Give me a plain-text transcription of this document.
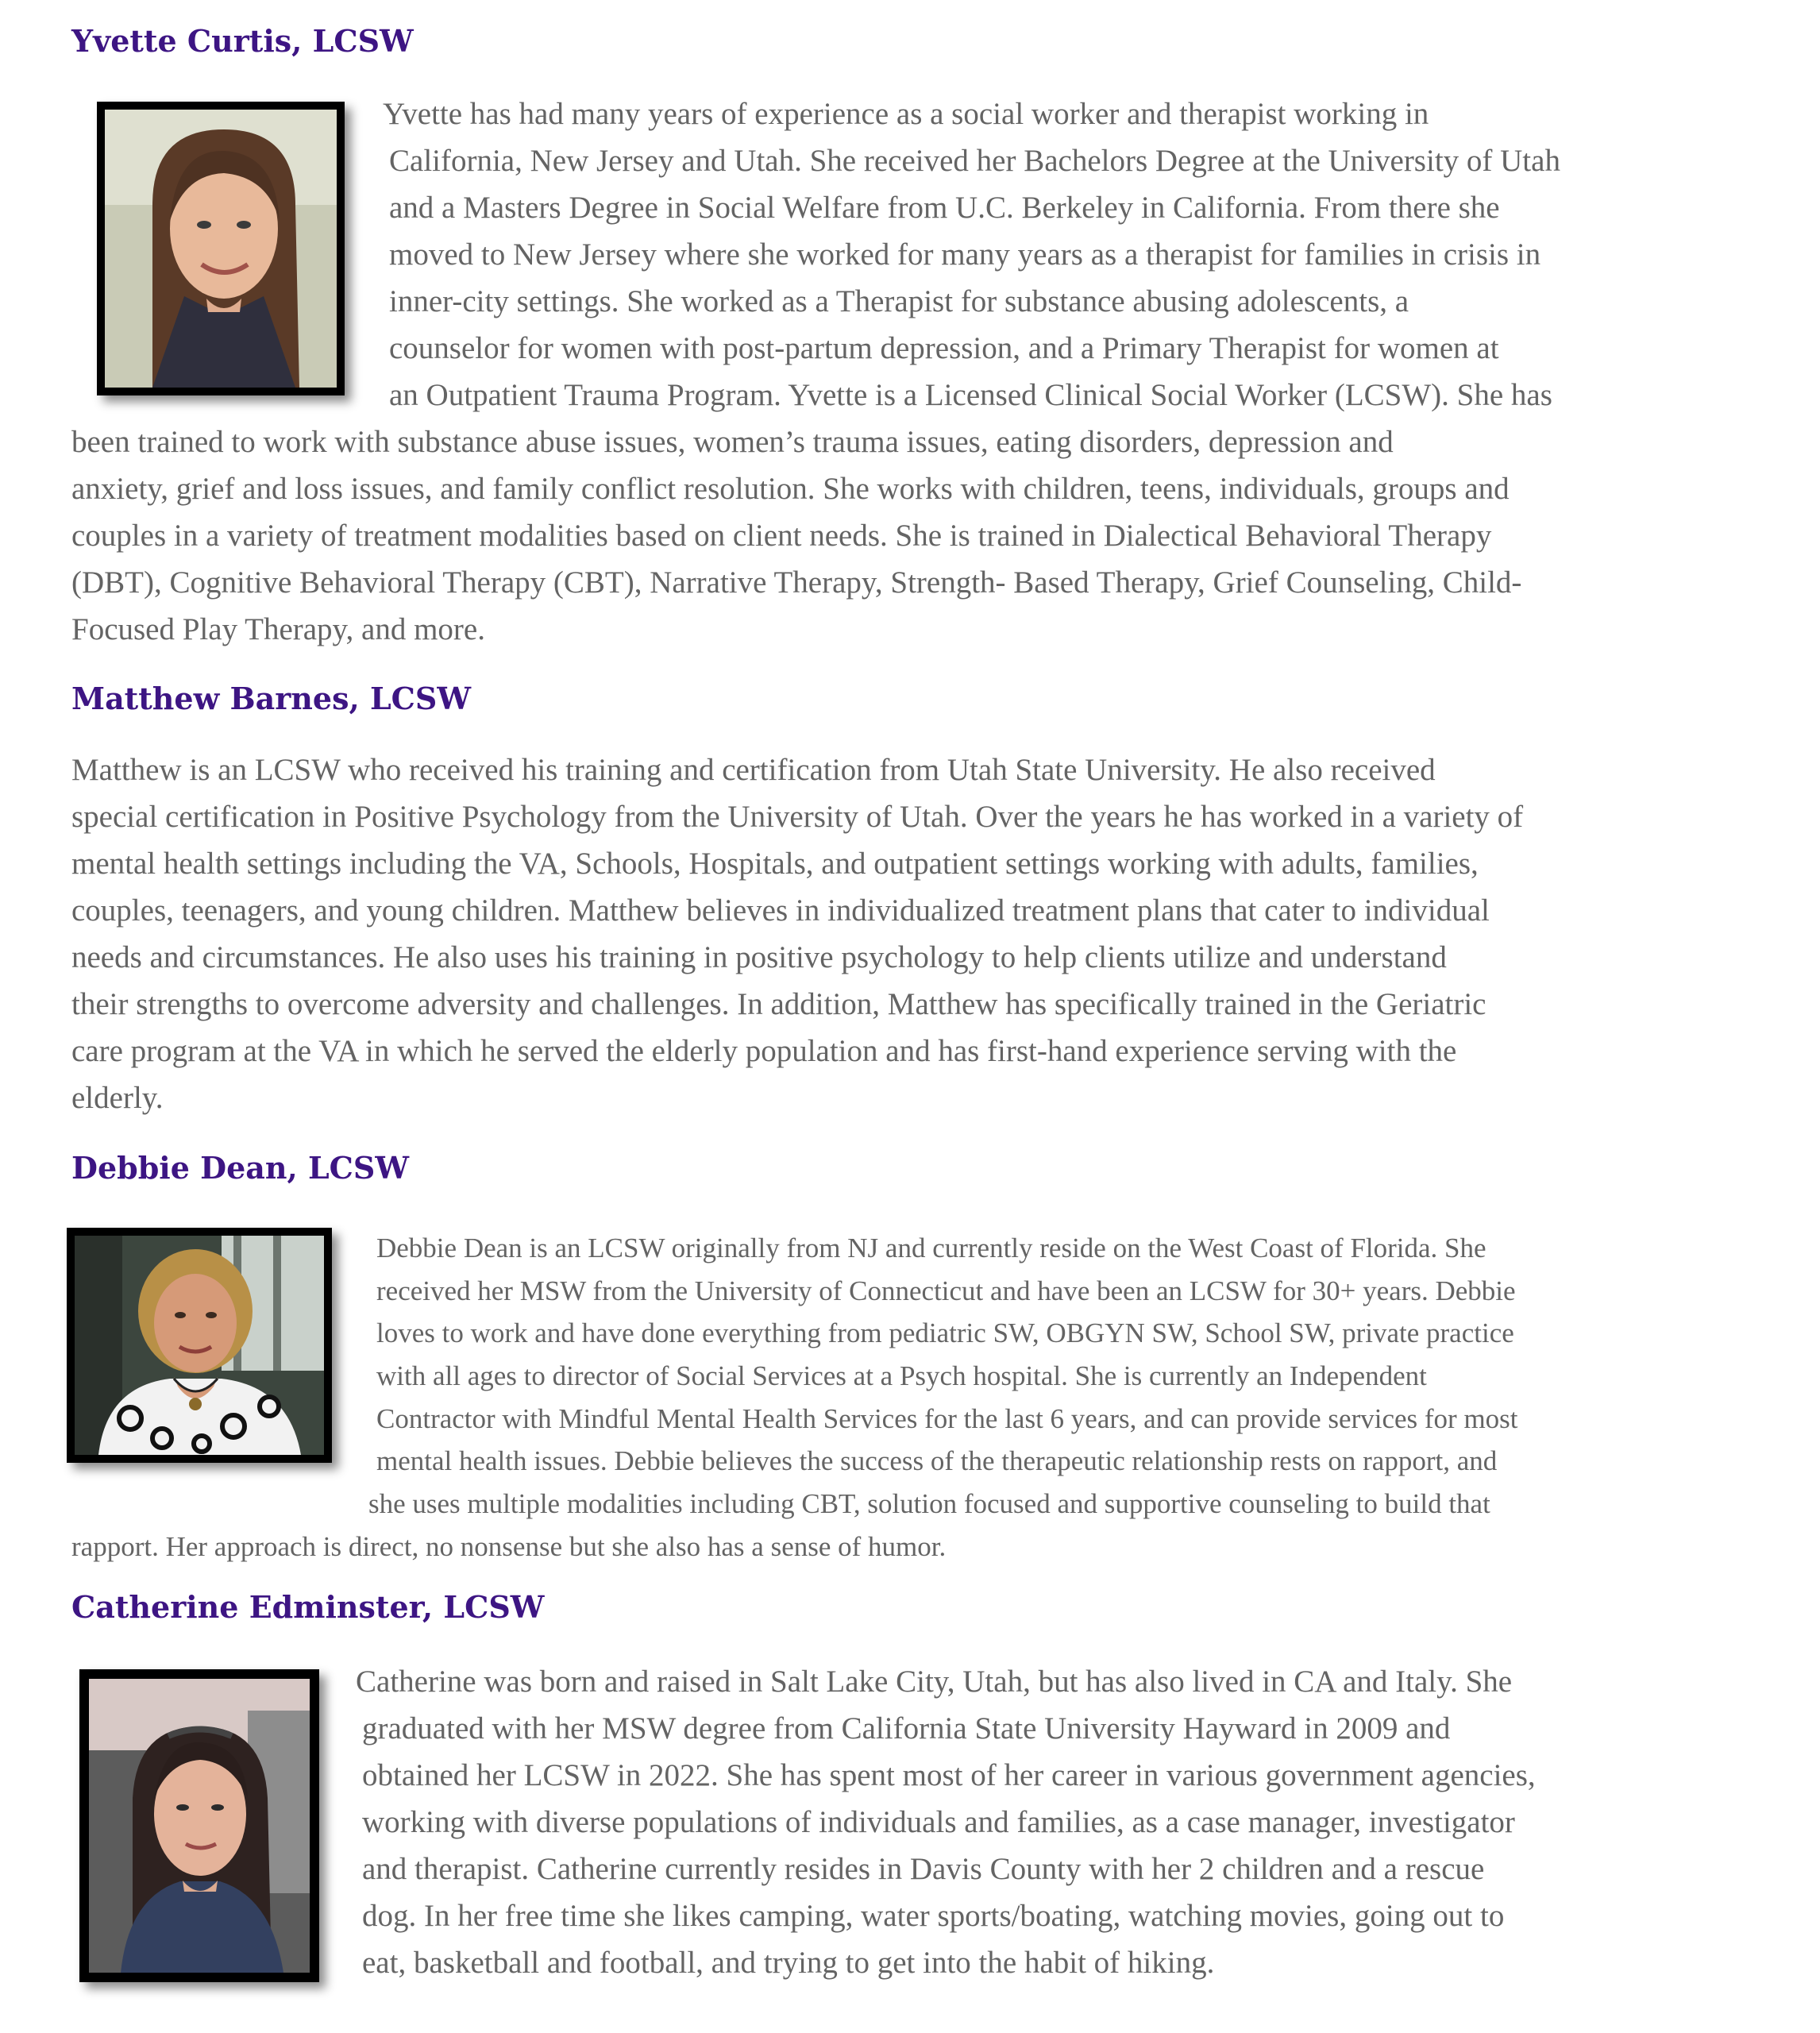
Yvette Curtis, LCSW
Yvette has had many years of experience as a social worker and therapist working in
California, New Jersey and Utah. She received her Bachelors Degree at the University of Utah
and a Masters Degree in Social Welfare from U.C. Berkeley in California. From there she
moved to New Jersey where she worked for many years as a therapist for families in crisis in
inner-city settings. She worked as a Therapist for substance abusing adolescents, a
counselor for women with post-partum depression, and a Primary Therapist for women at
an Outpatient Trauma Program. Yvette is a Licensed Clinical Social Worker (LCSW). She has
been trained to work with substance abuse issues, women’s trauma issues, eating disorders, depression and
anxiety, grief and loss issues, and family conflict resolution. She works with children, teens, individuals, groups and
couples in a variety of treatment modalities based on client needs. She is trained in Dialectical Behavioral Therapy
(DBT), Cognitive Behavioral Therapy (CBT), Narrative Therapy, Strength- Based Therapy, Grief Counseling, Child-
Focused Play Therapy, and more.
Matthew Barnes, LCSW
Matthew is an LCSW who received his training and certification from Utah State University. He also received
special certification in Positive Psychology from the University of Utah. Over the years he has worked in a variety of
mental health settings including the VA, Schools, Hospitals, and outpatient settings working with adults, families,
couples, teenagers, and young children. Matthew believes in individualized treatment plans that cater to individual
needs and circumstances. He also uses his training in positive psychology to help clients utilize and understand
their strengths to overcome adversity and challenges. In addition, Matthew has specifically trained in the Geriatric
care program at the VA in which he served the elderly population and has first-hand experience serving with the
elderly.
Debbie Dean, LCSW
Debbie Dean is an LCSW originally from NJ and currently reside on the West Coast of Florida. She
received her MSW from the University of Connecticut and have been an LCSW for 30+ years. Debbie
loves to work and have done everything from pediatric SW, OBGYN SW, School SW, private practice
with all ages to director of Social Services at a Psych hospital. She is currently an Independent
Contractor with Mindful Mental Health Services for the last 6 years, and can provide services for most
mental health issues. Debbie believes the success of the therapeutic relationship rests on rapport, and
she uses multiple modalities including CBT, solution focused and supportive counseling to build that
rapport. Her approach is direct, no nonsense but she also has a sense of humor.
Catherine Edminster, LCSW
Catherine was born and raised in Salt Lake City, Utah, but has also lived in CA and Italy. She
graduated with her MSW degree from California State University Hayward in 2009 and
obtained her LCSW in 2022. She has spent most of her career in various government agencies,
working with diverse populations of individuals and families, as a case manager, investigator
and therapist. Catherine currently resides in Davis County with her 2 children and a rescue
dog. In her free time she likes camping, water sports/boating, watching movies, going out to
eat, basketball and football, and trying to get into the habit of hiking.
